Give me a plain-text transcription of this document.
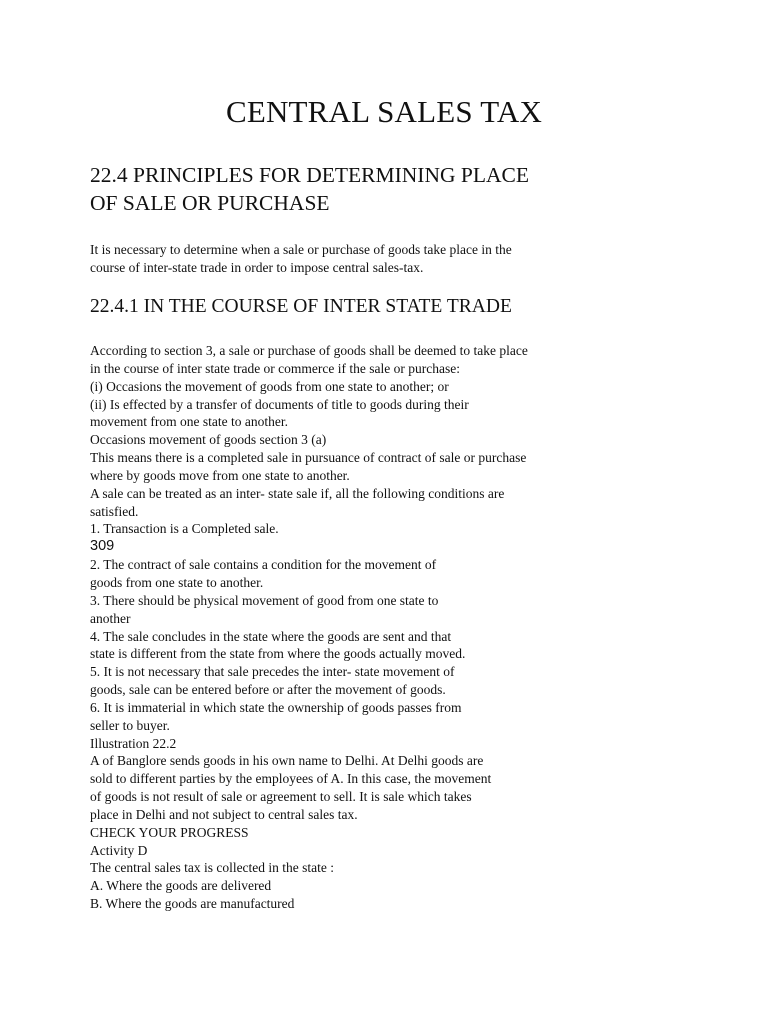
CENTRAL SALES TAX
22.4 PRINCIPLES FOR DETERMINING PLACE
OF SALE OR PURCHASE

It is necessary to determine when a sale or purchase of goods take place in the
course of inter-state trade in order to impose central sales-tax.

22.4.1 IN THE COURSE OF INTER STATE TRADE
According to section 3, a sale or purchase of goods shall be deemed to take place
in the course of inter state trade or commerce if the sale or purchase:
(i) Occasions the movement of goods from one state to another; or
(ii) Is effected by a transfer of documents of title to goods during their
movement from one state to another.
Occasions movement of goods section 3 (a)
This means there is a completed sale in pursuance of contract of sale or purchase
where by goods move from one state to another.
A sale can be treated as an inter- state sale if, all the following conditions are
satisfied.
1. Transaction is a Completed sale.
309
2. The contract of sale contains a condition for the movement of
goods from one state to another.
3. There should be physical movement of good from one state to
another
4. The sale concludes in the state where the goods are sent and that
state is different from the state from where the goods actually moved.
5. It is not necessary that sale precedes the inter- state movement of
goods, sale can be entered before or after the movement of goods.
6. It is immaterial in which state the ownership of goods passes from
seller to buyer.
Illustration 22.2
A of Banglore sends goods in his own name to Delhi. At Delhi goods are
sold to different parties by the employees of A. In this case, the movement
of goods is not result of sale or agreement to sell. It is sale which takes
place in Delhi and not subject to central sales tax.
CHECK YOUR PROGRESS
Activity D
The central sales tax is collected in the state :
A. Where the goods are delivered
B. Where the goods are manufactured
